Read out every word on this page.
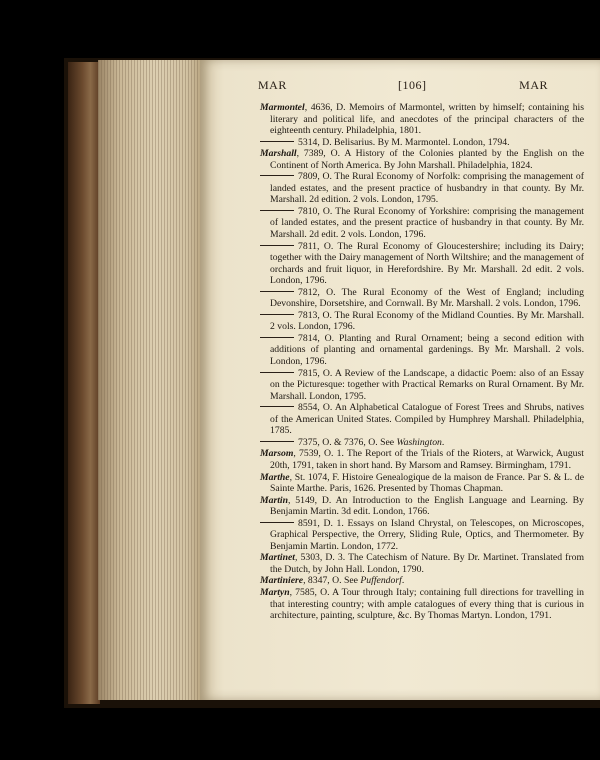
MAR	[106]	MAR

Marmontel, 4636, D. Memoirs of Marmontel, written by himself; containing his literary and political life, and anecdotes of the principal characters of the eighteenth century. Philadelphia, 1801.

5314, D. Belisarius. By M. Marmontel. London, 1794.

Marshall, 7389, O. A History of the Colonies planted by the English on the Continent of North America. By John Marshall. Philadelphia, 1824.

7809, O. The Rural Economy of Norfolk: comprising the management of landed estates, and the present practice of husbandry in that county. By Mr. Marshall. 2d edition. 2 vols. London, 1795.

7810, O. The Rural Economy of Yorkshire: comprising the management of landed estates, and the present practice of husbandry in that county. By Mr. Marshall. 2d edit. 2 vols. London, 1796.

7811, O. The Rural Economy of Gloucestershire; including its Dairy; together with the Dairy management of North Wiltshire; and the management of orchards and fruit liquor, in Herefordshire. By Mr. Marshall. 2d edit. 2 vols. London, 1796.

7812, O. The Rural Economy of the West of England; including Devonshire, Dorsetshire, and Cornwall. By Mr. Marshall. 2 vols. London, 1796.

7813, O. The Rural Economy of the Midland Counties. By Mr. Marshall. 2 vols. London, 1796.

7814, O. Planting and Rural Ornament; being a second edition with additions of planting and ornamental gardenings. By Mr. Marshall. 2 vols. London, 1796.

7815, O. A Review of the Landscape, a didactic Poem: also of an Essay on the Picturesque: together with Practical Remarks on Rural Ornament. By Mr. Marshall. London, 1795.

8554, O. An Alphabetical Catalogue of Forest Trees and Shrubs, natives of the American United States. Compiled by Humphrey Marshall. Philadelphia, 1785.

7375, O. & 7376, O. See Washington.

Marsom, 7539, O. 1. The Report of the Trials of the Rioters, at Warwick, August 20th, 1791, taken in short hand. By Marsom and Ramsey. Birmingham, 1791.

Marthe, St. 1074, F. Histoire Genealogique de la maison de France. Par S. & L. de Sainte Marthe. Paris, 1626. Presented by Thomas Chapman.

Martin, 5149, D. An Introduction to the English Language and Learning. By Benjamin Martin. 3d edit. London, 1766.

8591, D. 1. Essays on Island Chrystal, on Telescopes, on Microscopes, Graphical Perspective, the Orrery, Sliding Rule, Optics, and Thermometer. By Benjamin Martin. London, 1772.

Martinet, 5303, D. 3. The Catechism of Nature. By Dr. Martinet. Translated from the Dutch, by John Hall. London, 1790.

Martiniere, 8347, O. See Puffendorf.

Martyn, 7585, O. A Tour through Italy; containing full directions for travelling in that interesting country; with ample catalogues of every thing that is curious in architecture, painting, sculpture, &c. By Thomas Martyn. London, 1791.
